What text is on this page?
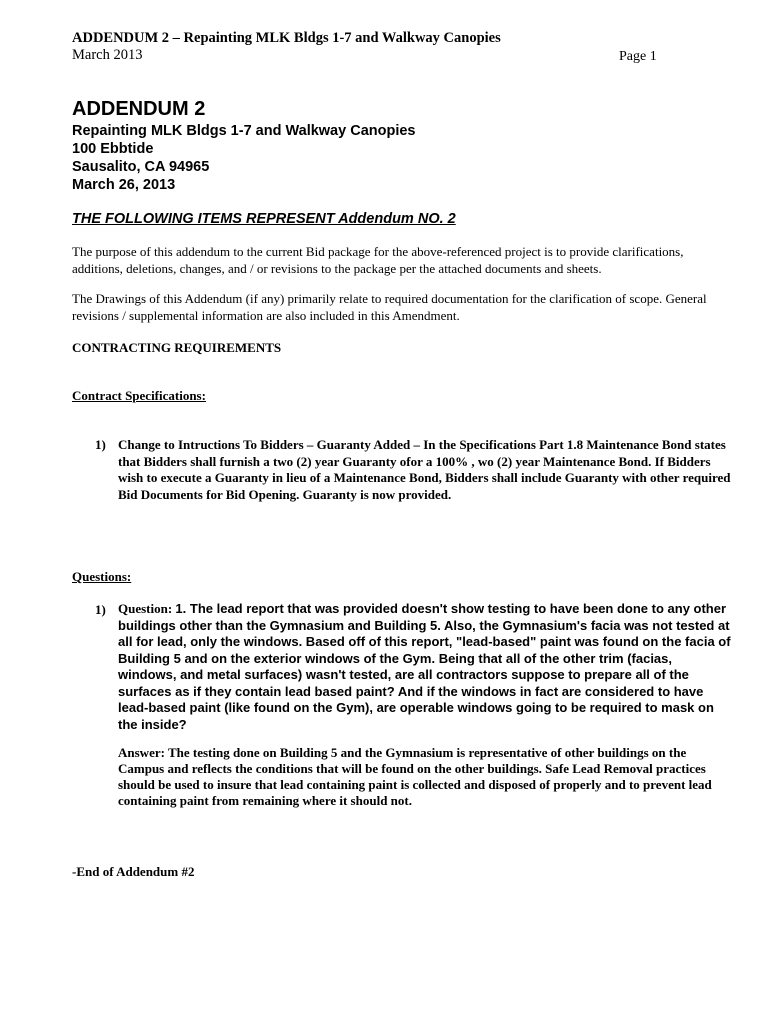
ADDENDUM 2 – Repainting MLK Bldgs 1-7 and Walkway Canopies
March 2013	Page 1
ADDENDUM 2
Repainting MLK Bldgs 1-7 and Walkway Canopies
100 Ebbtide
Sausalito, CA 94965
March 26, 2013
THE FOLLOWING ITEMS REPRESENT Addendum NO. 2
The purpose of this addendum to the current Bid package for the above-referenced project is to provide clarifications, additions, deletions, changes, and / or revisions to the package per the attached documents and sheets.
The Drawings of this Addendum (if any) primarily relate to required documentation for the clarification of scope. General revisions / supplemental information are also included in this Amendment.
CONTRACTING REQUIREMENTS
Contract Specifications:
1) Change to Intructions To Bidders – Guaranty Added – In the Specifications Part 1.8 Maintenance Bond states that Bidders shall furnish a two (2) year Guaranty ofor a 100% , wo (2) year Maintenance Bond. If Bidders wish to execute a Guaranty in lieu of a Maintenance Bond, Bidders shall include Guaranty with other required Bid Documents for Bid Opening. Guaranty is now provided.
Questions:
1) Question: 1. The lead report that was provided doesn't show testing to have been done to any other buildings other than the Gymnasium and Building 5. Also, the Gymnasium's facia was not tested at all for lead, only the windows. Based off of this report, "lead-based" paint was found on the facia of Building 5 and on the exterior windows of the Gym. Being that all of the other trim (facias, windows, and metal surfaces) wasn't tested, are all contractors suppose to prepare all of the surfaces as if they contain lead based paint? And if the windows in fact are considered to have lead-based paint (like found on the Gym), are operable windows going to be required to mask on the inside?
Answer: The testing done on Building 5 and the Gymnasium is representative of other buildings on the Campus and reflects the conditions that will be found on the other buildings. Safe Lead Removal practices should be used to insure that lead containing paint is collected and disposed of properly and to prevent lead containing paint from remaining where it should not.
-End of Addendum #2
